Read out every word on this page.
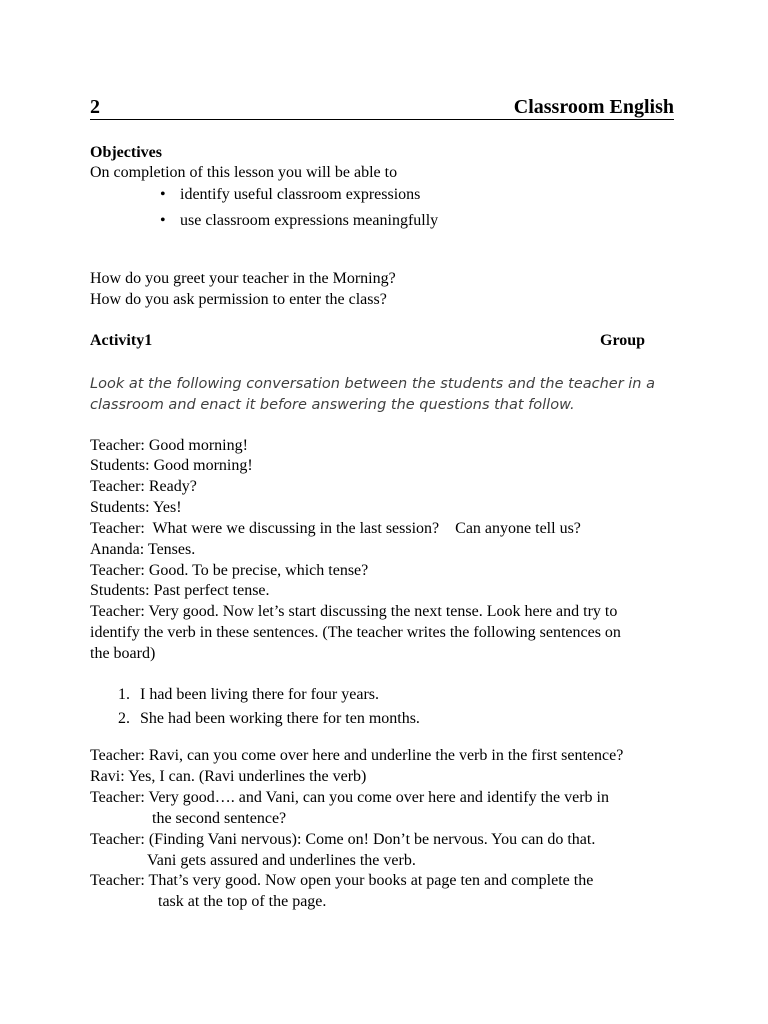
2	Classroom English
Objectives
On completion of this lesson you will be able to
• identify useful classroom expressions
• use classroom expressions meaningfully
How do you greet your teacher in the Morning?
How do you ask permission to enter the class?
Activity1	Group
Look at the following conversation between the students and the teacher in a
classroom and enact it before answering the questions that follow.
Teacher: Good morning!
Students: Good morning!
Teacher: Ready?
Students: Yes!
Teacher:  What were we discussing in the last session?    Can anyone tell us?
Ananda: Tenses.
Teacher: Good. To be precise, which tense?
Students: Past perfect tense.
Teacher: Very good. Now let’s start discussing the next tense. Look here and try to
identify the verb in these sentences. (The teacher writes the following sentences on
the board)
1. I had been living there for four years.
2. She had been working there for ten months.
Teacher: Ravi, can you come over here and underline the verb in the first sentence?
Ravi: Yes, I can. (Ravi underlines the verb)
Teacher: Very good…. and Vani, can you come over here and identify the verb in
the second sentence?
Teacher: (Finding Vani nervous): Come on! Don’t be nervous. You can do that.
Vani gets assured and underlines the verb.
Teacher: That’s very good. Now open your books at page ten and complete the
task at the top of the page.
